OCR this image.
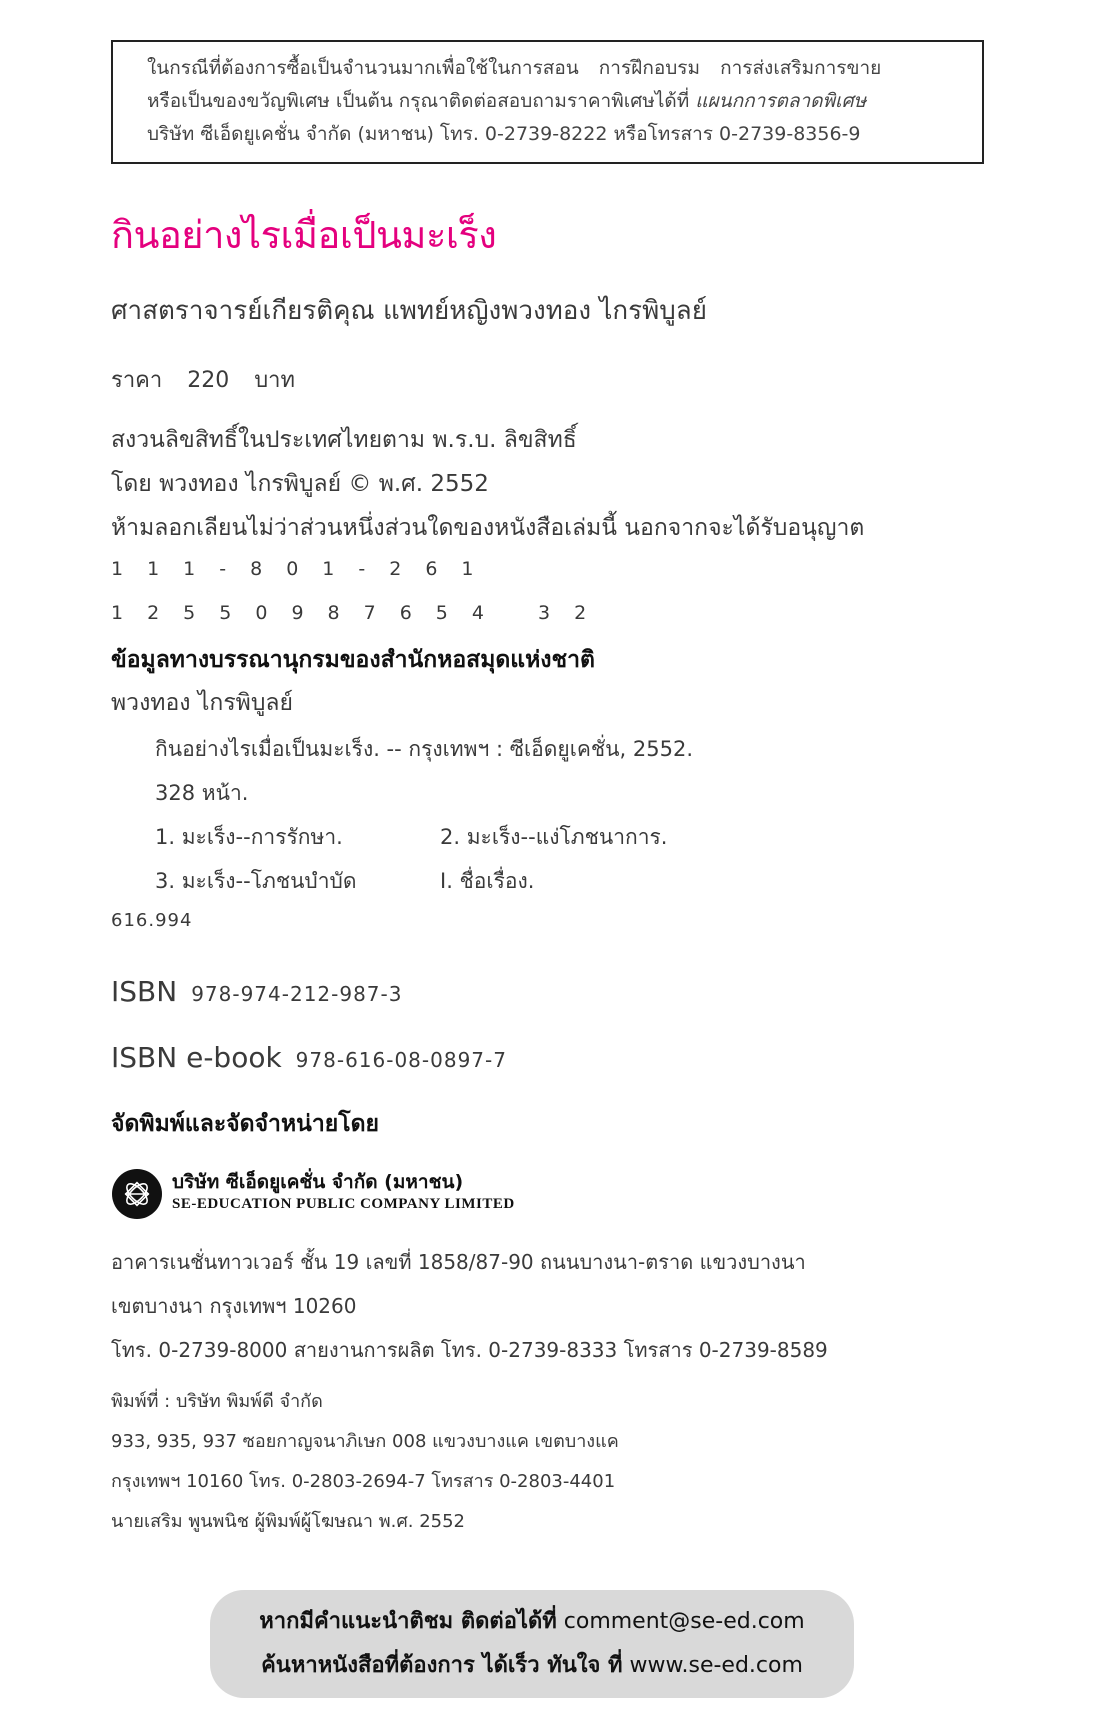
ในกรณีที่ต้องการซื้อเป็นจำนวนมากเพื่อใช้ในการสอน การฝึกอบรม การส่งเสริมการขาย
หรือเป็นของขวัญพิเศษ เป็นต้น กรุณาติดต่อสอบถามราคาพิเศษได้ที่ แผนกการตลาดพิเศษ
บริษัท ซีเอ็ดยูเคชั่น จำกัด (มหาชน) โทร. 0-2739-8222 หรือโทรสาร 0-2739-8356-9
กินอย่างไรเมื่อเป็นมะเร็ง
ศาสตราจารย์เกียรติคุณ แพทย์หญิงพวงทอง ไกรพิบูลย์
ราคา 220 บาท
สงวนลิขสิทธิ์ในประเทศไทยตาม พ.ร.บ. ลิขสิทธิ์
โดย พวงทอง ไกรพิบูลย์ © พ.ศ. 2552
ห้ามลอกเลียนไม่ว่าส่วนหนึ่งส่วนใดของหนังสือเล่มนี้ นอกจากจะได้รับอนุญาต
111-801-261
12550987654 32
ข้อมูลทางบรรณานุกรมของสำนักหอสมุดแห่งชาติ
พวงทอง ไกรพิบูลย์
กินอย่างไรเมื่อเป็นมะเร็ง. -- กรุงเทพฯ : ซีเอ็ดยูเคชั่น, 2552.
328 หน้า.
1. มะเร็ง--การรักษา.	2. มะเร็ง--แง่โภชนาการ.
3. มะเร็ง--โภชนบำบัด	I. ชื่อเรื่อง.
616.994
ISBN 978-974-212-987-3
ISBN e-book 978-616-08-0897-7
จัดพิมพ์และจัดจำหน่ายโดย
บริษัท ซีเอ็ดยูเคชั่น จำกัด (มหาชน)
SE-EDUCATION PUBLIC COMPANY LIMITED
อาคารเนชั่นทาวเวอร์ ชั้น 19 เลขที่ 1858/87-90 ถนนบางนา-ตราด แขวงบางนา
เขตบางนา กรุงเทพฯ 10260
โทร. 0-2739-8000 สายงานการผลิต โทร. 0-2739-8333 โทรสาร 0-2739-8589
พิมพ์ที่ : บริษัท พิมพ์ดี จำกัด
933, 935, 937 ซอยกาญจนาภิเษก 008 แขวงบางแค เขตบางแค
กรุงเทพฯ 10160 โทร. 0-2803-2694-7 โทรสาร 0-2803-4401
นายเสริม พูนพนิช ผู้พิมพ์ผู้โฆษณา พ.ศ. 2552
หากมีคำแนะนำติชม ติดต่อได้ที่ comment@se-ed.com
ค้นหาหนังสือที่ต้องการ ได้เร็ว ทันใจ ที่ www.se-ed.com
